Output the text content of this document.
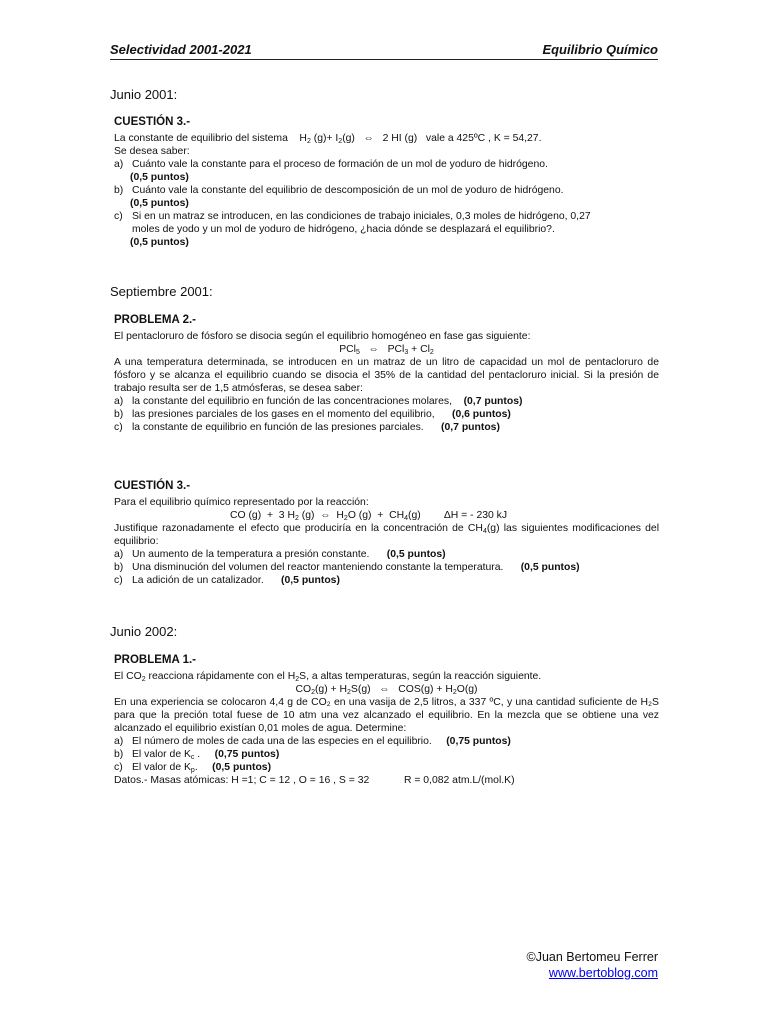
Selectividad 2001-2021	Equilibrio Químico
Junio 2001:
CUESTIÓN 3.-
La constante de equilibrio del sistema    $H_2$ $(g)+ I_2(g)$   ⇔   2 HI (g)   vale a 425ºC , K = 54,27.
Se desea saber:
a) Cuánto vale la constante para el proceso de formación de un mol de yoduro de hidrógeno.
(0,5 puntos)
b) Cuánto vale la constante del equilibrio de descomposición de un mol de yoduro de hidrógeno.
(0,5 puntos)
c) Si en un matraz se introducen, en las condiciones de trabajo iniciales, 0,3 moles de hidrógeno, 0,27
moles de yodo y un mol de yoduro de hidrógeno, ¿hacia dónde se desplazará el equilibrio?.
(0,5 puntos)
Septiembre 2001:
PROBLEMA 2.-
El pentacloruro de fósforo se disocia según el equilibrio homogéneo en fase gas siguiente:
PCl$_5$   ⇔   $PCl_3 + Cl_2$
A una temperatura determinada, se introducen en un matraz de un litro de capacidad un mol de pentacloruro de fósforo y se alcanza el equilibrio cuando se disocia el 35% de la cantidad del pentacloruro inicial. Si la presión de trabajo resulta ser de 1,5 atmósferas, se desea saber:
a) la constante del equilibrio en función de las concentraciones molares, (0,7 puntos)
b) las presiones parciales de los gases en el momento del equilibrio, (0,6 puntos)
c) la constante de equilibrio en función de las presiones parciales. (0,7 puntos)
CUESTIÓN 3.-
Para el equilibrio químico representado por la reacción:
CO (g)  +  3 $H_2$ (g)  ⇔  $H_2O$ $(g) + CH_4(g)$        ΔH = - 230 kJ
Justifique razonadamente el efecto que produciría en la concentración de $CH_4(g)$ las siguientes modificaciones del equilibrio:
a) Un aumento de la temperatura a presión constante. (0,5 puntos)
b) Una disminución del volumen del reactor manteniendo constante la temperatura. (0,5 puntos)
c) La adición de un catalizador. (0,5 puntos)
Junio 2002:
PROBLEMA 1.-
El $CO_2$ reacciona rápidamente con el $H_2S$, a altas temperaturas, según la reacción siguiente.
$CO_2(g) + H_2S(g)$   ⇔   $COS(g) + H_2O(g)$
En una experiencia se colocaron 4,4 g de CO₂ en una vasija de 2,5 litros, a 337 ºC, y una cantidad suficiente de H₂S para que la preción total fuese de 10 atm una vez alcanzado el equilibrio. En la mezcla que se obtiene una vez alcanzado el equilibrio existían 0,01 moles de agua. Determine:
a) El número de moles de cada una de las especies en el equilibrio. (0,75 puntos)
b) El valor de $K_c$ .     (0,75 puntos)
c) El valor de $K_p$.     (0,5 puntos)
Datos.- Masas atómicas: H =1; C = 12 , O = 16 , S = 32	R = 0,082 atm.L/(mol.K)
©Juan Bertomeu Ferrer
www.bertoblog.com
